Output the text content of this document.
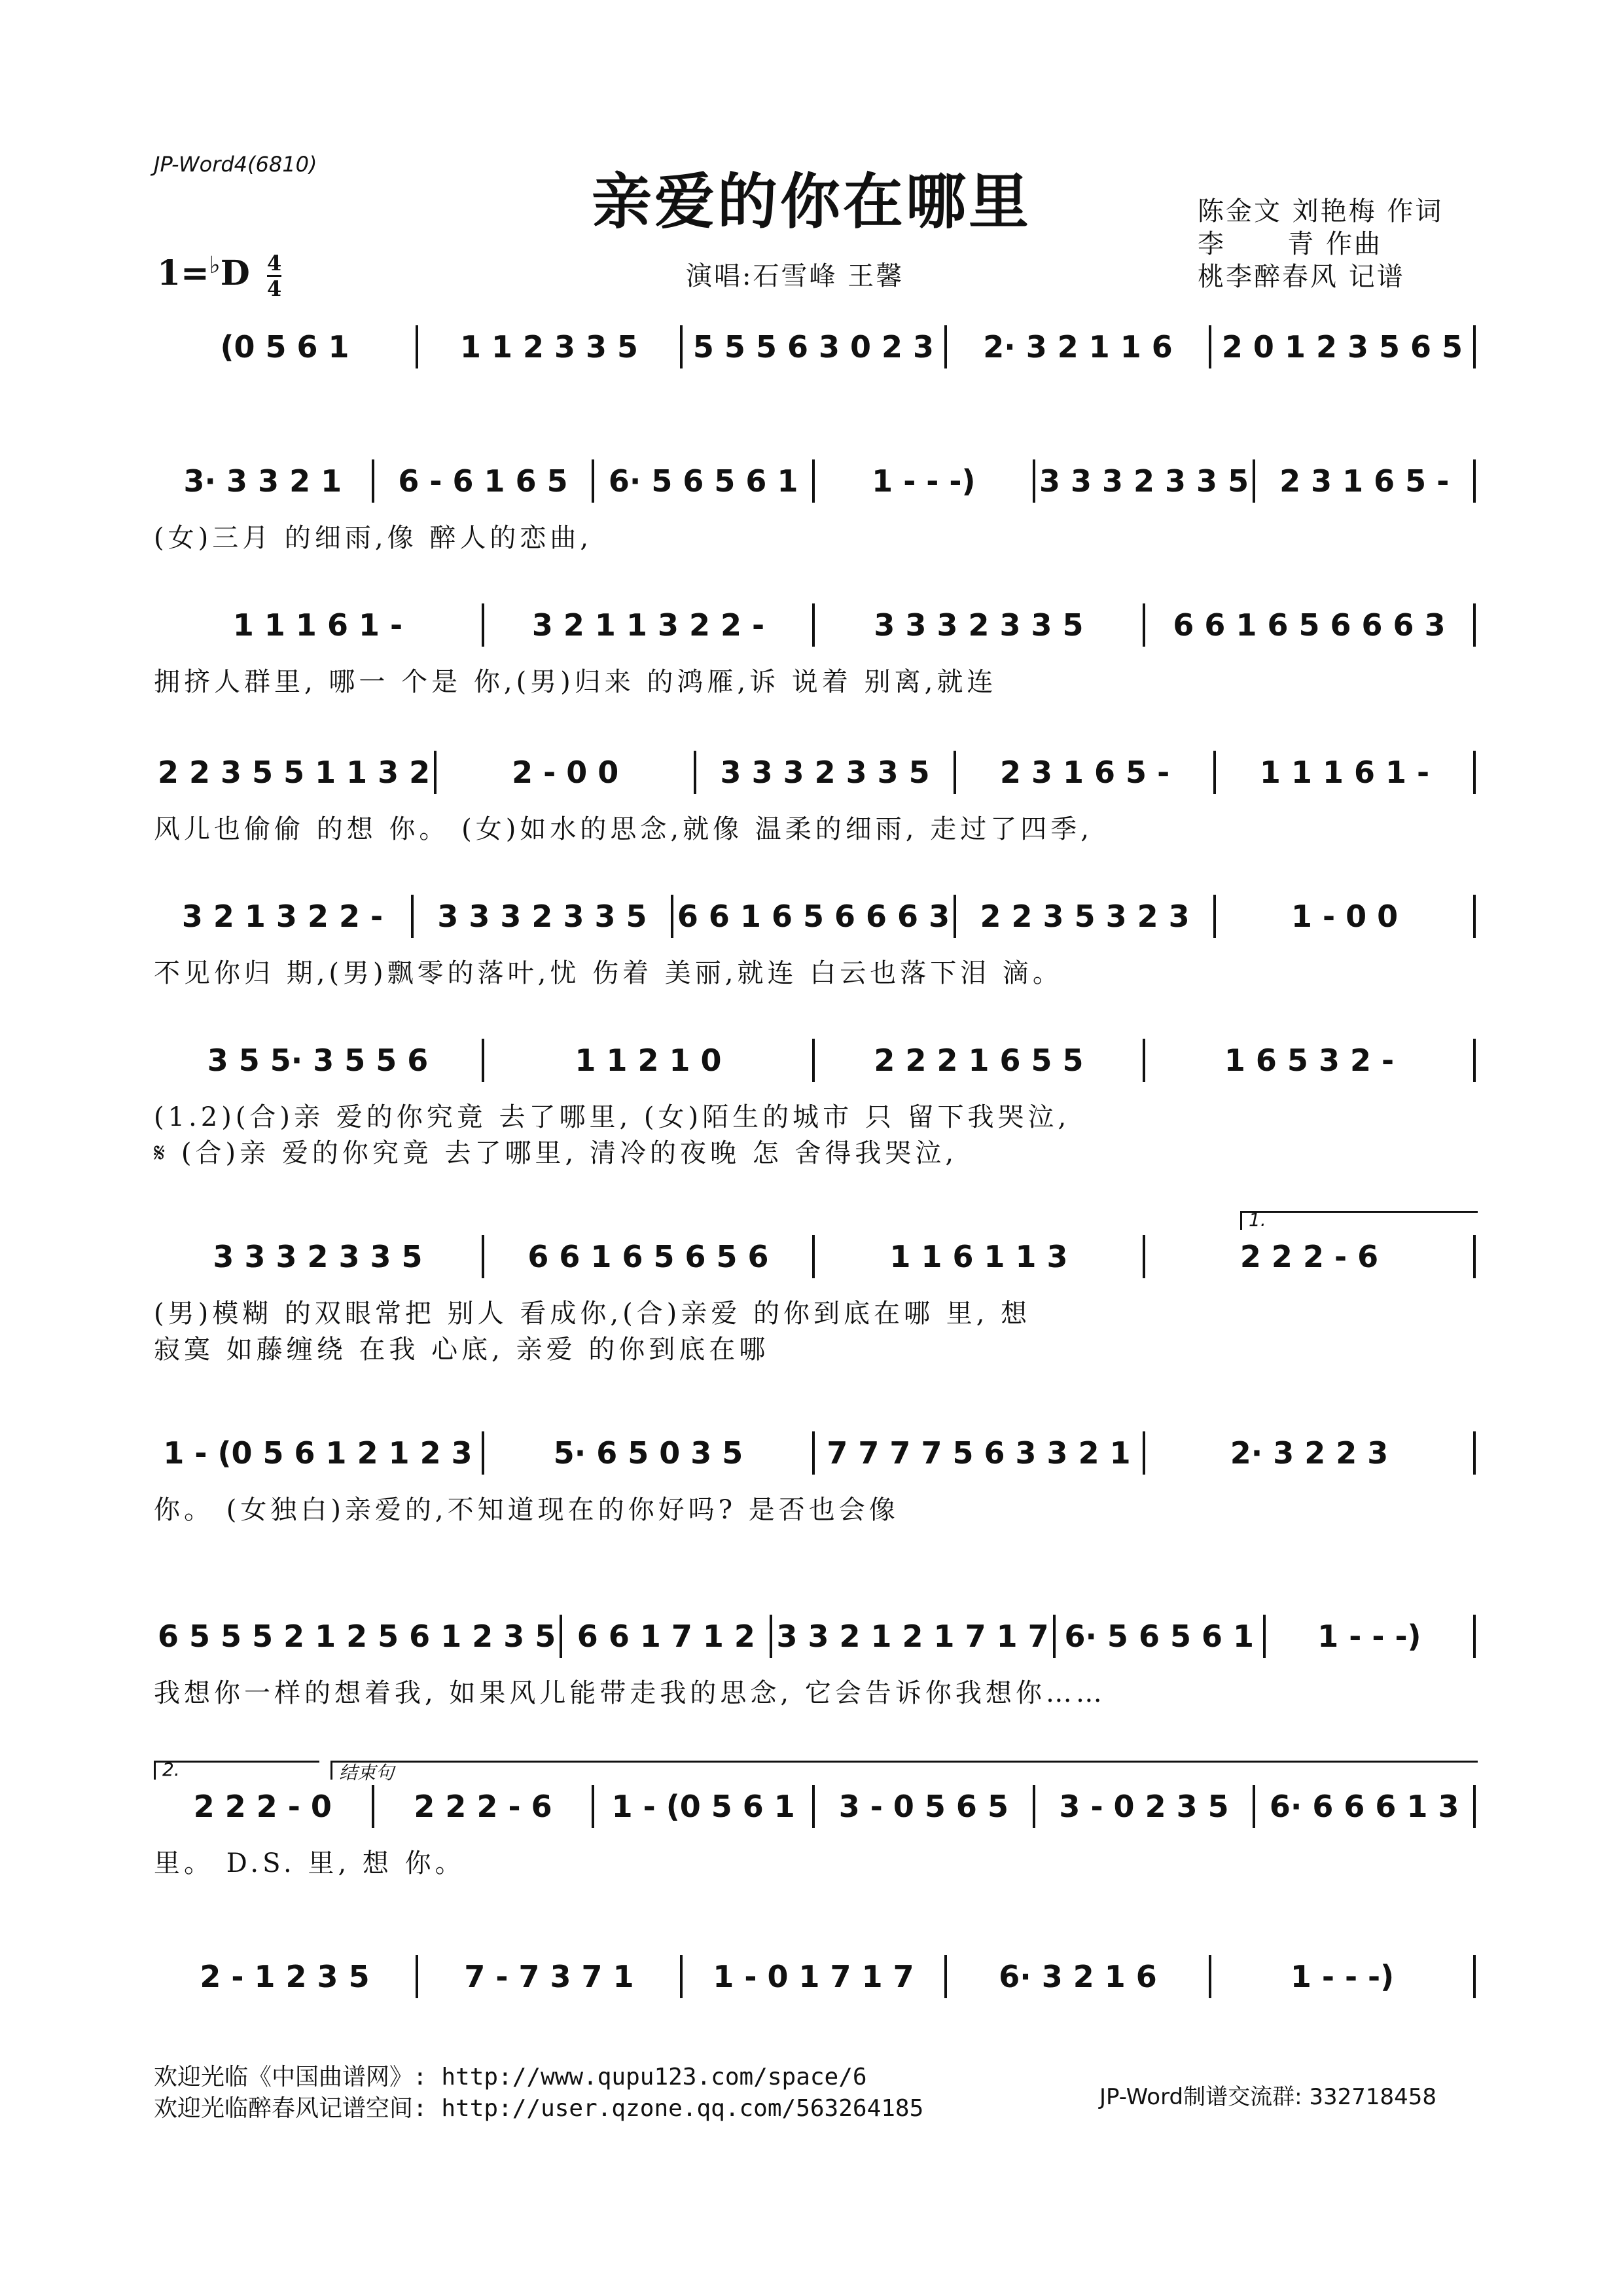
JP-Word4(6810)
亲爱的你在哪里	陈金文 刘艳梅 作词
李      青 作曲
桃李醉春风 记谱
$1=^♭D \frac{4}{4}$	演唱:石雪峰 王馨
(0 5 6 1	1 1 2 3 3 5 5 5 5 6 3 0 2 3 2· 3 2 1 1 6 2 0 1 2 3 5 6 5
3· 3 3 2 1 6 - 6 1 6 5 6· 5 6 5 6 1 1 - - -) 3 3 3 2 3 3 5 2 3 1 6 5 -
(女)三月 的细雨,像 醉人的恋曲,
1 1 1 6 1 -	3 2 1 1 3 2 2 -	3 3 3 2 3 3 5	6 6 1 6 5 6 6 6 3
拥挤人群里, 哪一 个是 你,(男)归来 的鸿雁,诉 说着 别离,就连
2 2 3 5 5 1 1 3 2	2 - 0 0	3 3 3 2 3 3 5 2 3 1 6 5 -	1 1 1 6 1 -
风儿也偷偷 的想 你。 (女)如水的思念,就像 温柔的细雨, 走过了四季,
3 2 1 3 2 2 - 3 3 3 2 3 3 5 6 6 1 6 5 6 6 6 3 2 2 3 5 3 2 3	1 - 0 0
不见你归 期,(男)飘零的落叶,忧 伤着 美丽,就连 白云也落下泪 滴。
3 5 5· 3 5 5 6	1 1 2 1 0	2 2 2 1 6 5 5	1 6 5 3 2 -
(1.2)(合)亲 爱的你究竟 去了哪里, (女)陌生的城市 只 留下我哭泣,
𝄋 (合)亲 爱的你究竟 去了哪里, 清冷的夜晚 怎 舍得我哭泣,
3 3 3 2 3 3 5	6 6 1 6 5 6 5 6	1 1 6 1 1 3	2 2 2 - 6
(男)模糊 的双眼常把 别人 看成你,(合)亲爱 的你到底在哪 里, 想
寂寞 如藤缠绕 在我 心底, 亲爱 的你到底在哪
1.
1 - (0 5 6 1 2 1 2 3	5· 6 5 0 3 5	7 7 7 7 5 6 3 3 2 1	2· 3 2 2 3
你。 (女独白)亲爱的,不知道现在的你好吗? 是否也会像
6 5 5 5 2 1 2 5 6 1 2 3 5 6 6 1 7 1 2 3 3 2 1 2 1 7 1 7 6· 5 6 5 6 1 1 - - -)
我想你一样的想着我, 如果风儿能带走我的思念, 它会告诉你我想你……
2 2 2 - 0	2 2 2 - 6 1 - (0 5 6 1 3 - 0 5 6 5 3 - 0 2 3 5 6· 6 6 6 1 3
里。 D.S. 里, 想 你。
2.	结束句
2 - 1 2 3 5	7 - 7 3 7 1	1 - 0 1 7 1 7	6· 3 2 1 6	1 - - -)
欢迎光临《中国曲谱网》: http://www.qupu123.com/space/6
欢迎光临醉春风记谱空间: http://user.qzone.qq.com/563264185	JP-Word制谱交流群: 332718458
